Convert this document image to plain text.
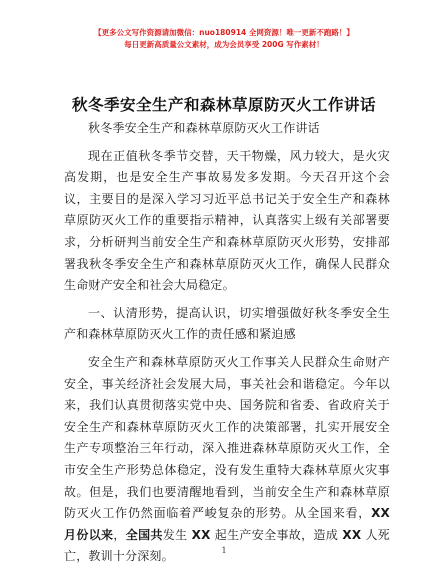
【更多公文写作资源请加微信：nuo180914 全网资源！唯一更新不跑路！】
每日更新高质量公文素材，成为会员享受 200G 写作素材！
秋冬季安全生产和森林草原防灭火工作讲话

秋冬季安全生产和森林草原防灭火工作讲话

现在正值秋冬季节交替，天干物燥，风力较大，是火灾高发期，也是安全生产事故易发多发期。今天召开这个会议，主要目的是深入学习习近平总书记关于安全生产和森林草原防灭火工作的重要指示精神，认真落实上级有关部署要求，分析研判当前安全生产和森林草原防灭火形势，安排部署我秋冬季安全生产和森林草原防灭火工作，确保人民群众生命财产安全和社会大局稳定。

一、认清形势，提高认识，切实增强做好秋冬季安全生产和森林草原防灭火工作的责任感和紧迫感

安全生产和森林草原防灭火工作事关人民群众生命财产安全，事关经济社会发展大局，事关社会和谐稳定。今年以来，我们认真贯彻落实党中央、国务院和省委、省政府关于安全生产和森林草原防灭火工作的决策部署，扎实开展安全生产专项整治三年行动，深入推进森林草原防灭火工作，全市安全生产形势总体稳定，没有发生重特大森林草原火灾事故。但是，我们也要清醒地看到，当前安全生产和森林草原防灭火工作仍然面临着严峻复杂的形势。从全国来看，XX 月份以来，全国共发生 XX 起生产安全事故，造成 XX 人死亡，教训十分深刻。	1
